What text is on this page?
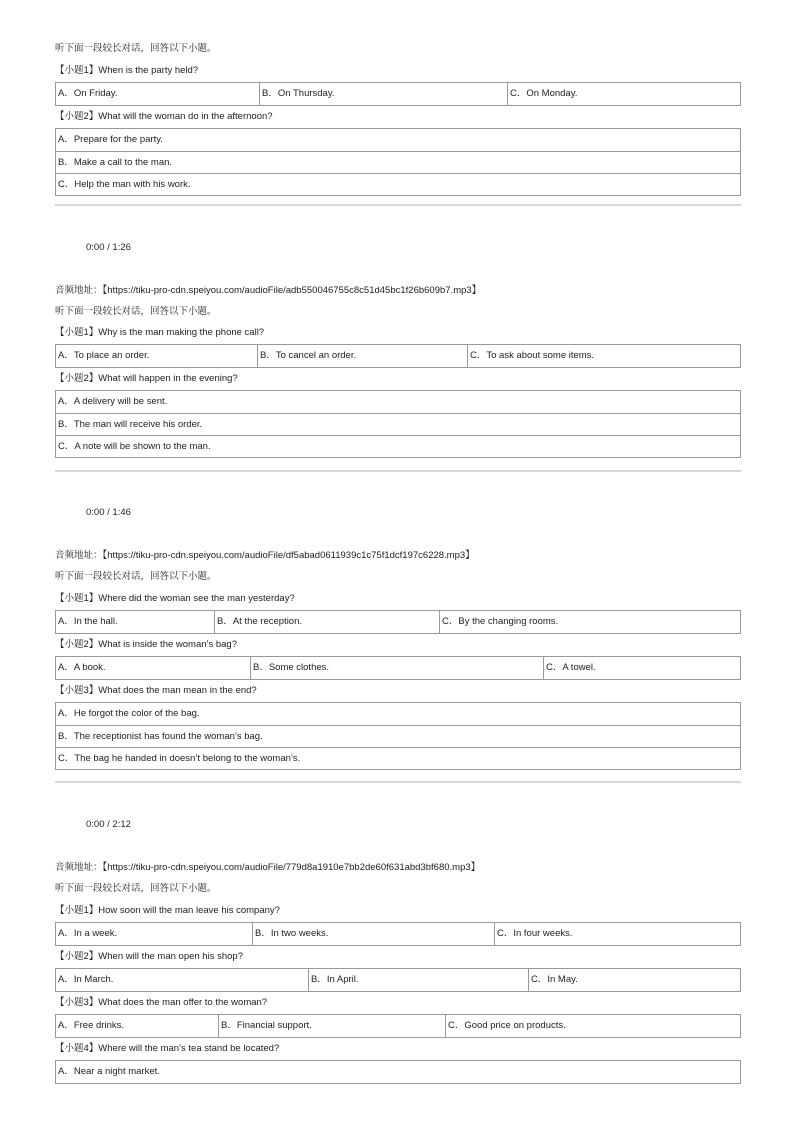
听下面一段较长对话，回答以下小题。
【小题1】When is the party held?
A．On Friday.	B．On Thursday.	C．On Monday.
【小题2】What will the woman do in the afternoon?
A．Prepare for the party.
B．Make a call to the man.
C．Help the man with his work.
0:00 / 1:26
音频地址：【https://tiku-pro-cdn.speiyou.com/audioFile/adb550046755c8c51d45bc1f26b609b7.mp3】
听下面一段较长对话，回答以下小题。
【小题1】Why is the man making the phone call?
A．To place an order.	B．To cancel an order.	C．To ask about some items.
【小题2】What will happen in the evening?
A．A delivery will be sent.
B．The man will receive his order.
C．A note will be shown to the man.
0:00 / 1:46
音频地址：【https://tiku-pro-cdn.speiyou.com/audioFile/df5abad0611939c1c75f1dcf197c6228.mp3】
听下面一段较长对话，回答以下小题。
【小题1】Where did the woman see the man yesterday?
A．In the hall.	B．At the reception.	C．By the changing rooms.
【小题2】What is inside the woman’s bag?
A．A book.	B．Some clothes.	C．A towel.
【小题3】What does the man mean in the end?
A．He forgot the color of the bag.
B．The receptionist has found the woman’s bag.
C．The bag he handed in doesn’t belong to the woman’s.
0:00 / 2:12
音频地址：【https://tiku-pro-cdn.speiyou.com/audioFile/779d8a1910e7bb2de60f631abd3bf680.mp3】
听下面一段较长对话，回答以下小题。
【小题1】How soon will the man leave his company?
A．In a week.	B．In two weeks.	C．In four weeks.
【小题2】When will the man open his shop?
A．In March.	B．In April.	C．In May.
【小题3】What does the man offer to the woman?
A．Free drinks.	B．Financial support.	C．Good price on products.
【小题4】Where will the man’s tea stand be located?
A．Near a night market.
